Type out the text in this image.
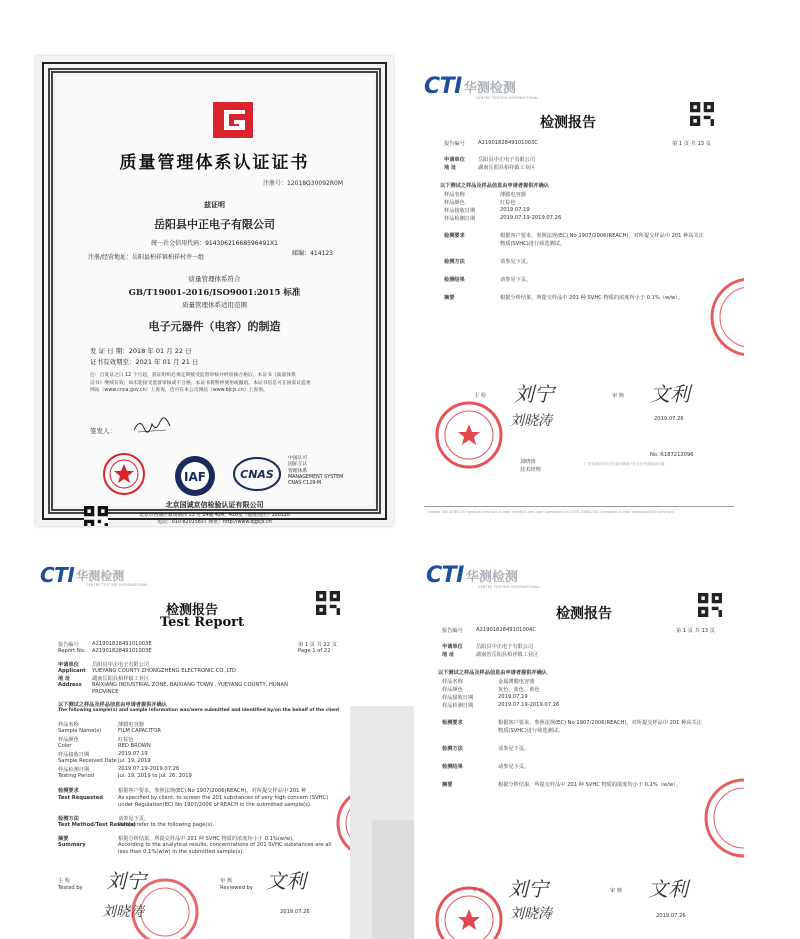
质量管理体系认证证书
注册号：12018Q30092R0M
兹证明
岳阳县中正电子有限公司
统一社会信用代码：91430621668596491X1
注册/经营地址：岳阳县柏祥镇柏祥村井一组
邮编：414123
质量管理体系符合
GB/T19001-2016/ISO9001:2015 标准
质量管理体系适用范围
电子元器件（电容）的制造
发 证 日 期：2018 年 01 月 22 日
证书有效期至：2021 年 01 月 21 日
注：自发证之日 12 个月起，获证组织必须定期接受监督审核并经审核合格后，本证书《质量体系
证书》继续有效；如未能接受监督审核或不合格，本证书将暂停使用或撤销。本证书信息可在国家认监委
网站（www.cnca.gov.cn）上查询，也可在本公司网站（www.bjcjs.cn）上查询。
签发人：
IAF	CNAS
中国认可
国际互认
管理体系
MANAGEMENT SYSTEM
CNAS C129-M
北京国诚京信检验认证有限公司
北京市西城区教场胡同 13 号 24幢 424、426室（德胜园区）100120
电话：010-82015837 网址：http://www.bjgcjx.cn
CTI 华测检测
CENTRE TESTING INTERNATIONAL
检测报告
报告编号	A2190182849101003C	第 1 页 共 13 页
申请单位	岳阳县中正电子有限公司
地 址	湖南岳阳县柏祥镇工业区
以下测试之样品及样品信息由申请者提供并确认
样品名称	薄膜电容器
样品颜色	红棕色
样品接收日期	2019.07.19
样品检测日期	2019.07.19-2019.07.26
检测要求	根据客户要求，参照法规(EC) No 1907/2006(REACH)，对所提交样品中 201 种高关注
物质(SVHC)进行筛选测试。
检测方法	请参见下页。
检测结果	请参见下页。
摘要	根据分析结果，所提交样品中 201 种 SVHC 物质的浓度均小于 0.1%（w/w）。
主 检 刘宁	审 核 文利
刘晓涛	2019.07.26
刘晓涛
技术经理
No. R187212096
广东省深圳市宝安区新安街道兴东社区华测检测大楼
Hotline 400-6788-333 www.cti-cert.com E-mail: info@cti-cert.com Complaint call 0755-33681700 Complaint E-mail: complaint@cti-cert.com
CTI 华测检测
CENTRE TESTING INTERNATIONAL
检测报告
Test Report
报告编号	A2190182849101003E
Report No. A2190182849101003E
第 1 页 共 22 页
Page 1 of 22
申请单位	岳阳县中正电子有限公司
Applicant YUEYANG COUNTY ZHONGZHENG ELECTRONIC CO.,LTD
地 址	湖南岳阳县柏祥镇工业区
Address BAIXIANG INDUSTRIAL ZONE, BAIXIANG TOWN , YUEYANG COUNTY, HUNAN
PROVINCE
以下测试之样品及样品信息由申请者提供并确认
The following sample(s) and sample information was/were submitted and identified by/on the behalf of the client
样品名称	薄膜电容器
Sample Name(s)	FILM CAPACITOR
样品颜色	红棕色
Color	RED BROWN
样品接收日期	2019.07.19
Sample Received Date Jul. 19, 2019
样品检测日期	2019.07.19-2019.07.26
Testing Period	Jul. 19, 2019 to Jul. 26, 2019
检测要求	根据客户要求，参照法规(EC) No 1907/2006(REACH)，对所提交样品中 201 种
Test Requested	As specified by client, to screen the 201 substances of very high concern (SVHC)
under Regulation(EC) No 1907/2006 of REACH in the submitted sample(s).
检测方法	请参见下页。
Test Method/Test Result(s)
Please refer to the following page(s).
摘要	根据分析结果，所提交样品中 201 种 SVHC 物质的浓度均小于 0.1%(w/w)。
Summary	According to the analytical results, concentrations of 201 SVHC substances are all
less than 0.1%(w/w) in the submitted sample(s).
主 检
Tested by 刘宁	审 核
Reviewed by 文利
刘晓涛	2019.07.26
CTI 华测检测
CENTRE TESTING INTERNATIONAL
检测报告
报告编号	A2190182849101004C	第 1 页 共 13 页
申请单位	岳阳县中正电子有限公司
地 址	湖南省岳阳县柏祥镇工业区
以下测试之样品及样品信息由申请者提供并确认
样品名称	金属薄膜电容器
样品颜色	灰色，蓝色，黄色
样品接收日期	2019.07.19
样品检测日期	2019.07.19-2019.07.26
检测要求	根据客户要求，参照法规(EC) No 1907/2006(REACH)，对所提交样品中 201 种高关注
物质(SVHC)进行筛选测试。
检测方法	请参见下页。
检测结果	请参见下页。
摘要	根据分析结果，所提交样品中 201 种 SVHC 物质的浓度均小于 0.1%（w/w）。
主 检 刘宁	审 核 文利
刘晓涛	2019.07.26
